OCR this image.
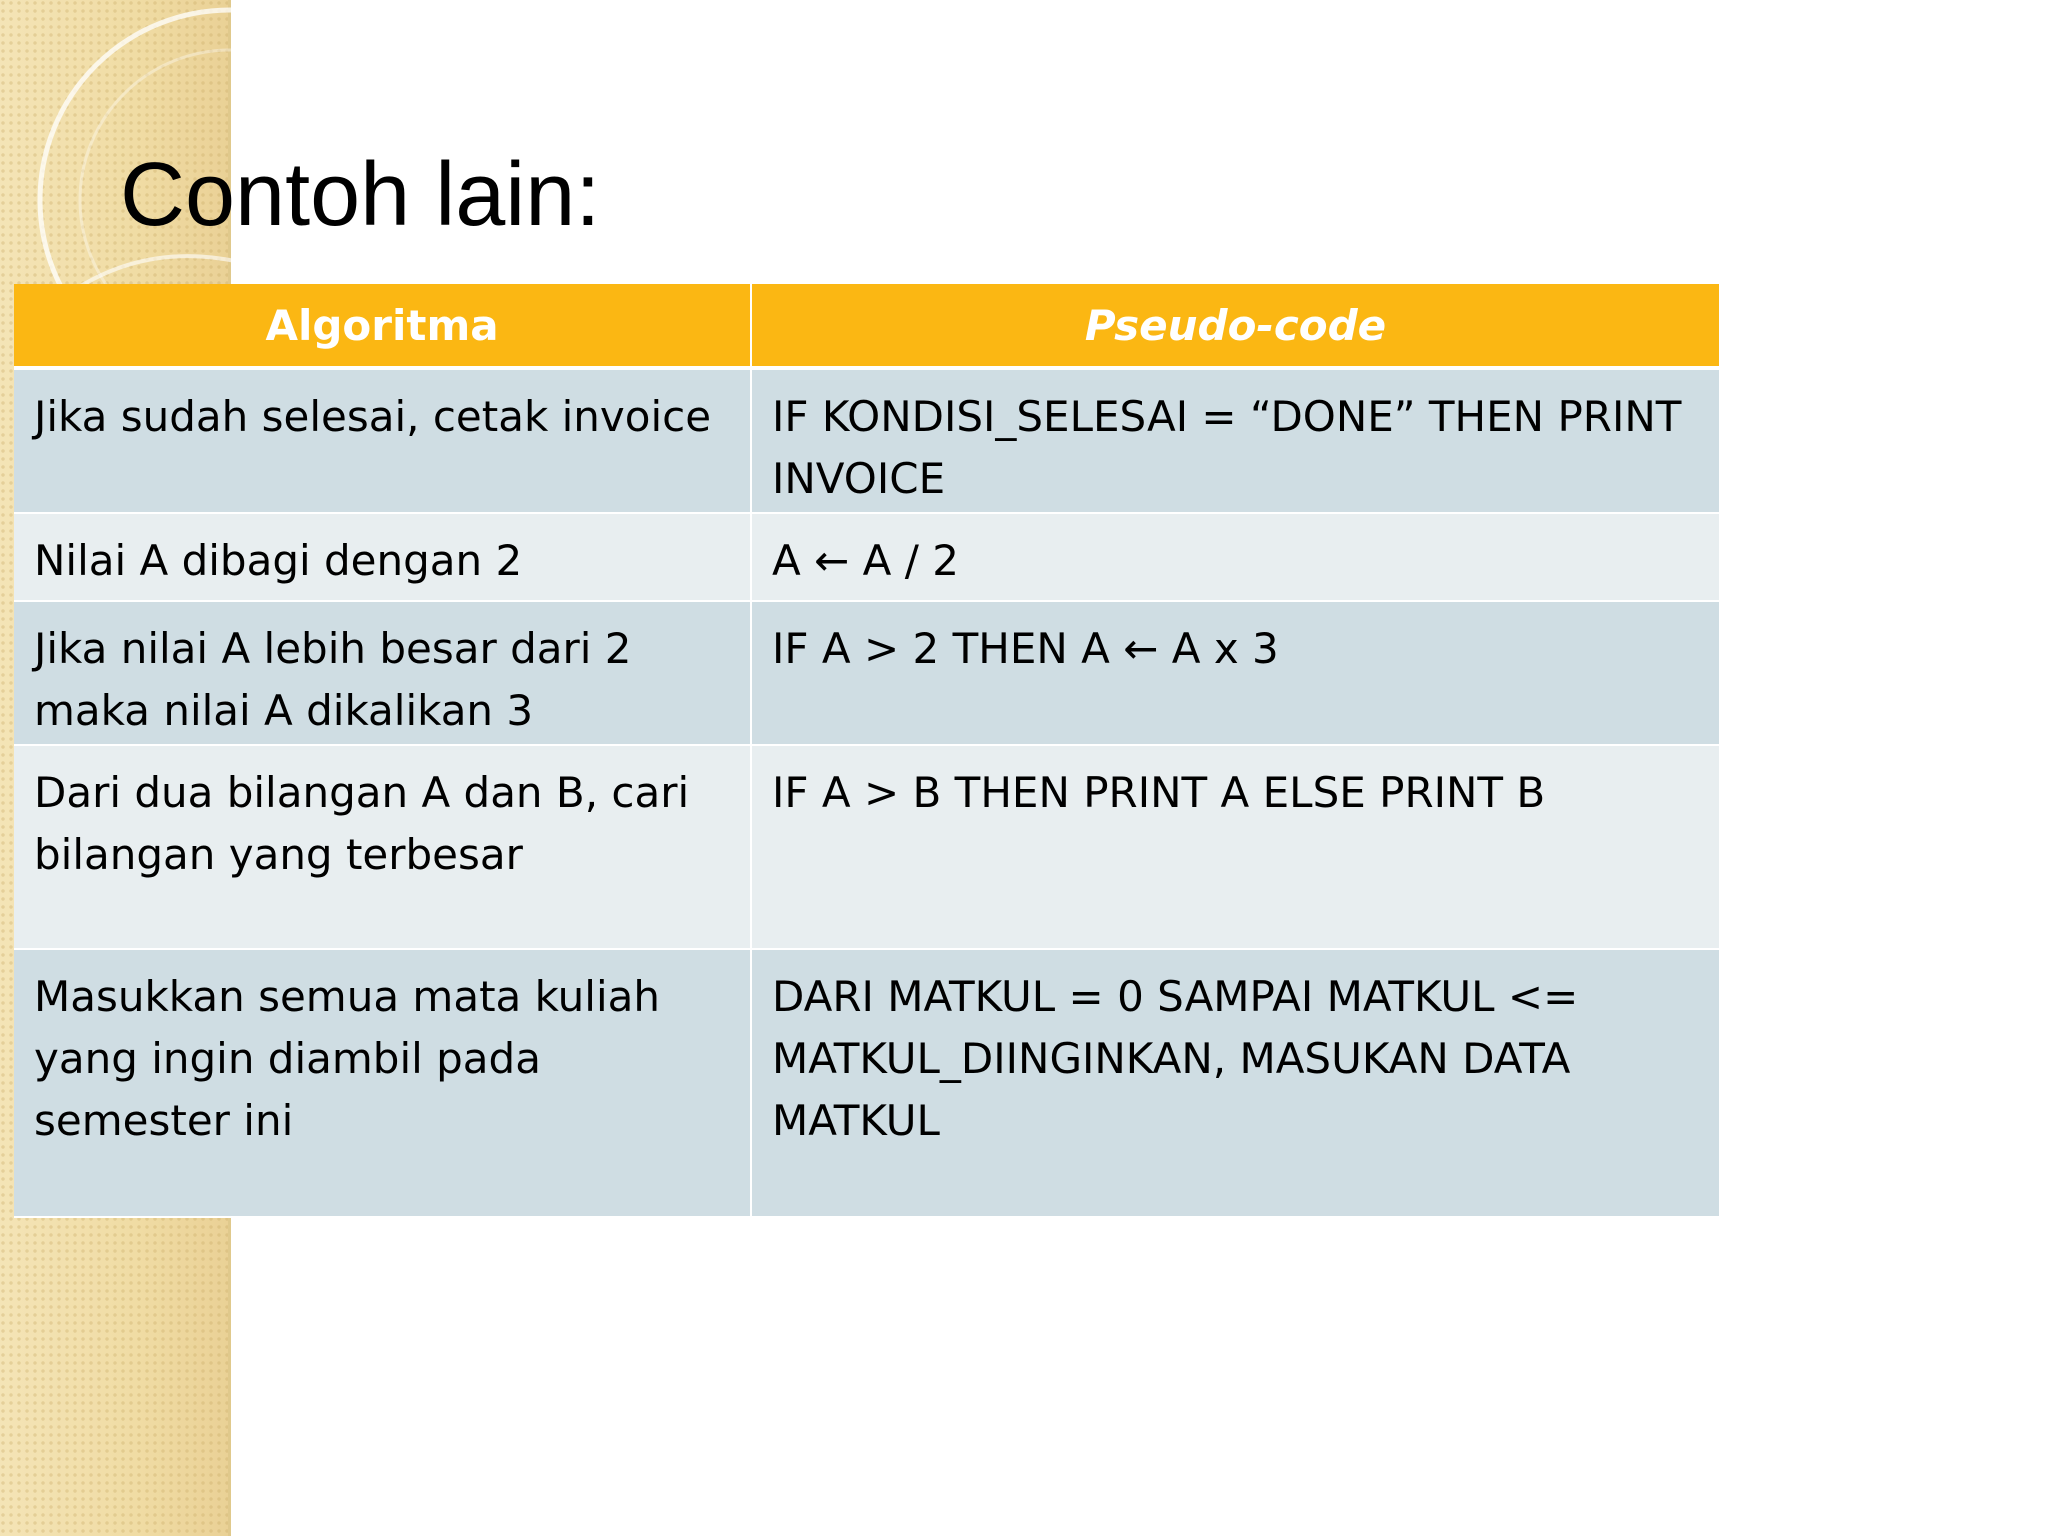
Contoh lain:
Algoritma	Pseudo-code
Jika sudah selesai, cetak invoice	IF KONDISI_SELESAI = “DONE” THEN PRINT INVOICE
Nilai A dibagi dengan 2	A ← A / 2
Jika nilai A lebih besar dari 2 maka nilai A dikalikan 3	IF A > 2 THEN A ← A x 3
Dari dua bilangan A dan B, cari bilangan yang terbesar	IF A > B THEN PRINT A ELSE PRINT B
Masukkan semua mata kuliah yang ingin diambil pada semester ini	DARI MATKUL = 0 SAMPAI MATKUL <= MATKUL_DIINGINKAN, MASUKAN DATA MATKUL
